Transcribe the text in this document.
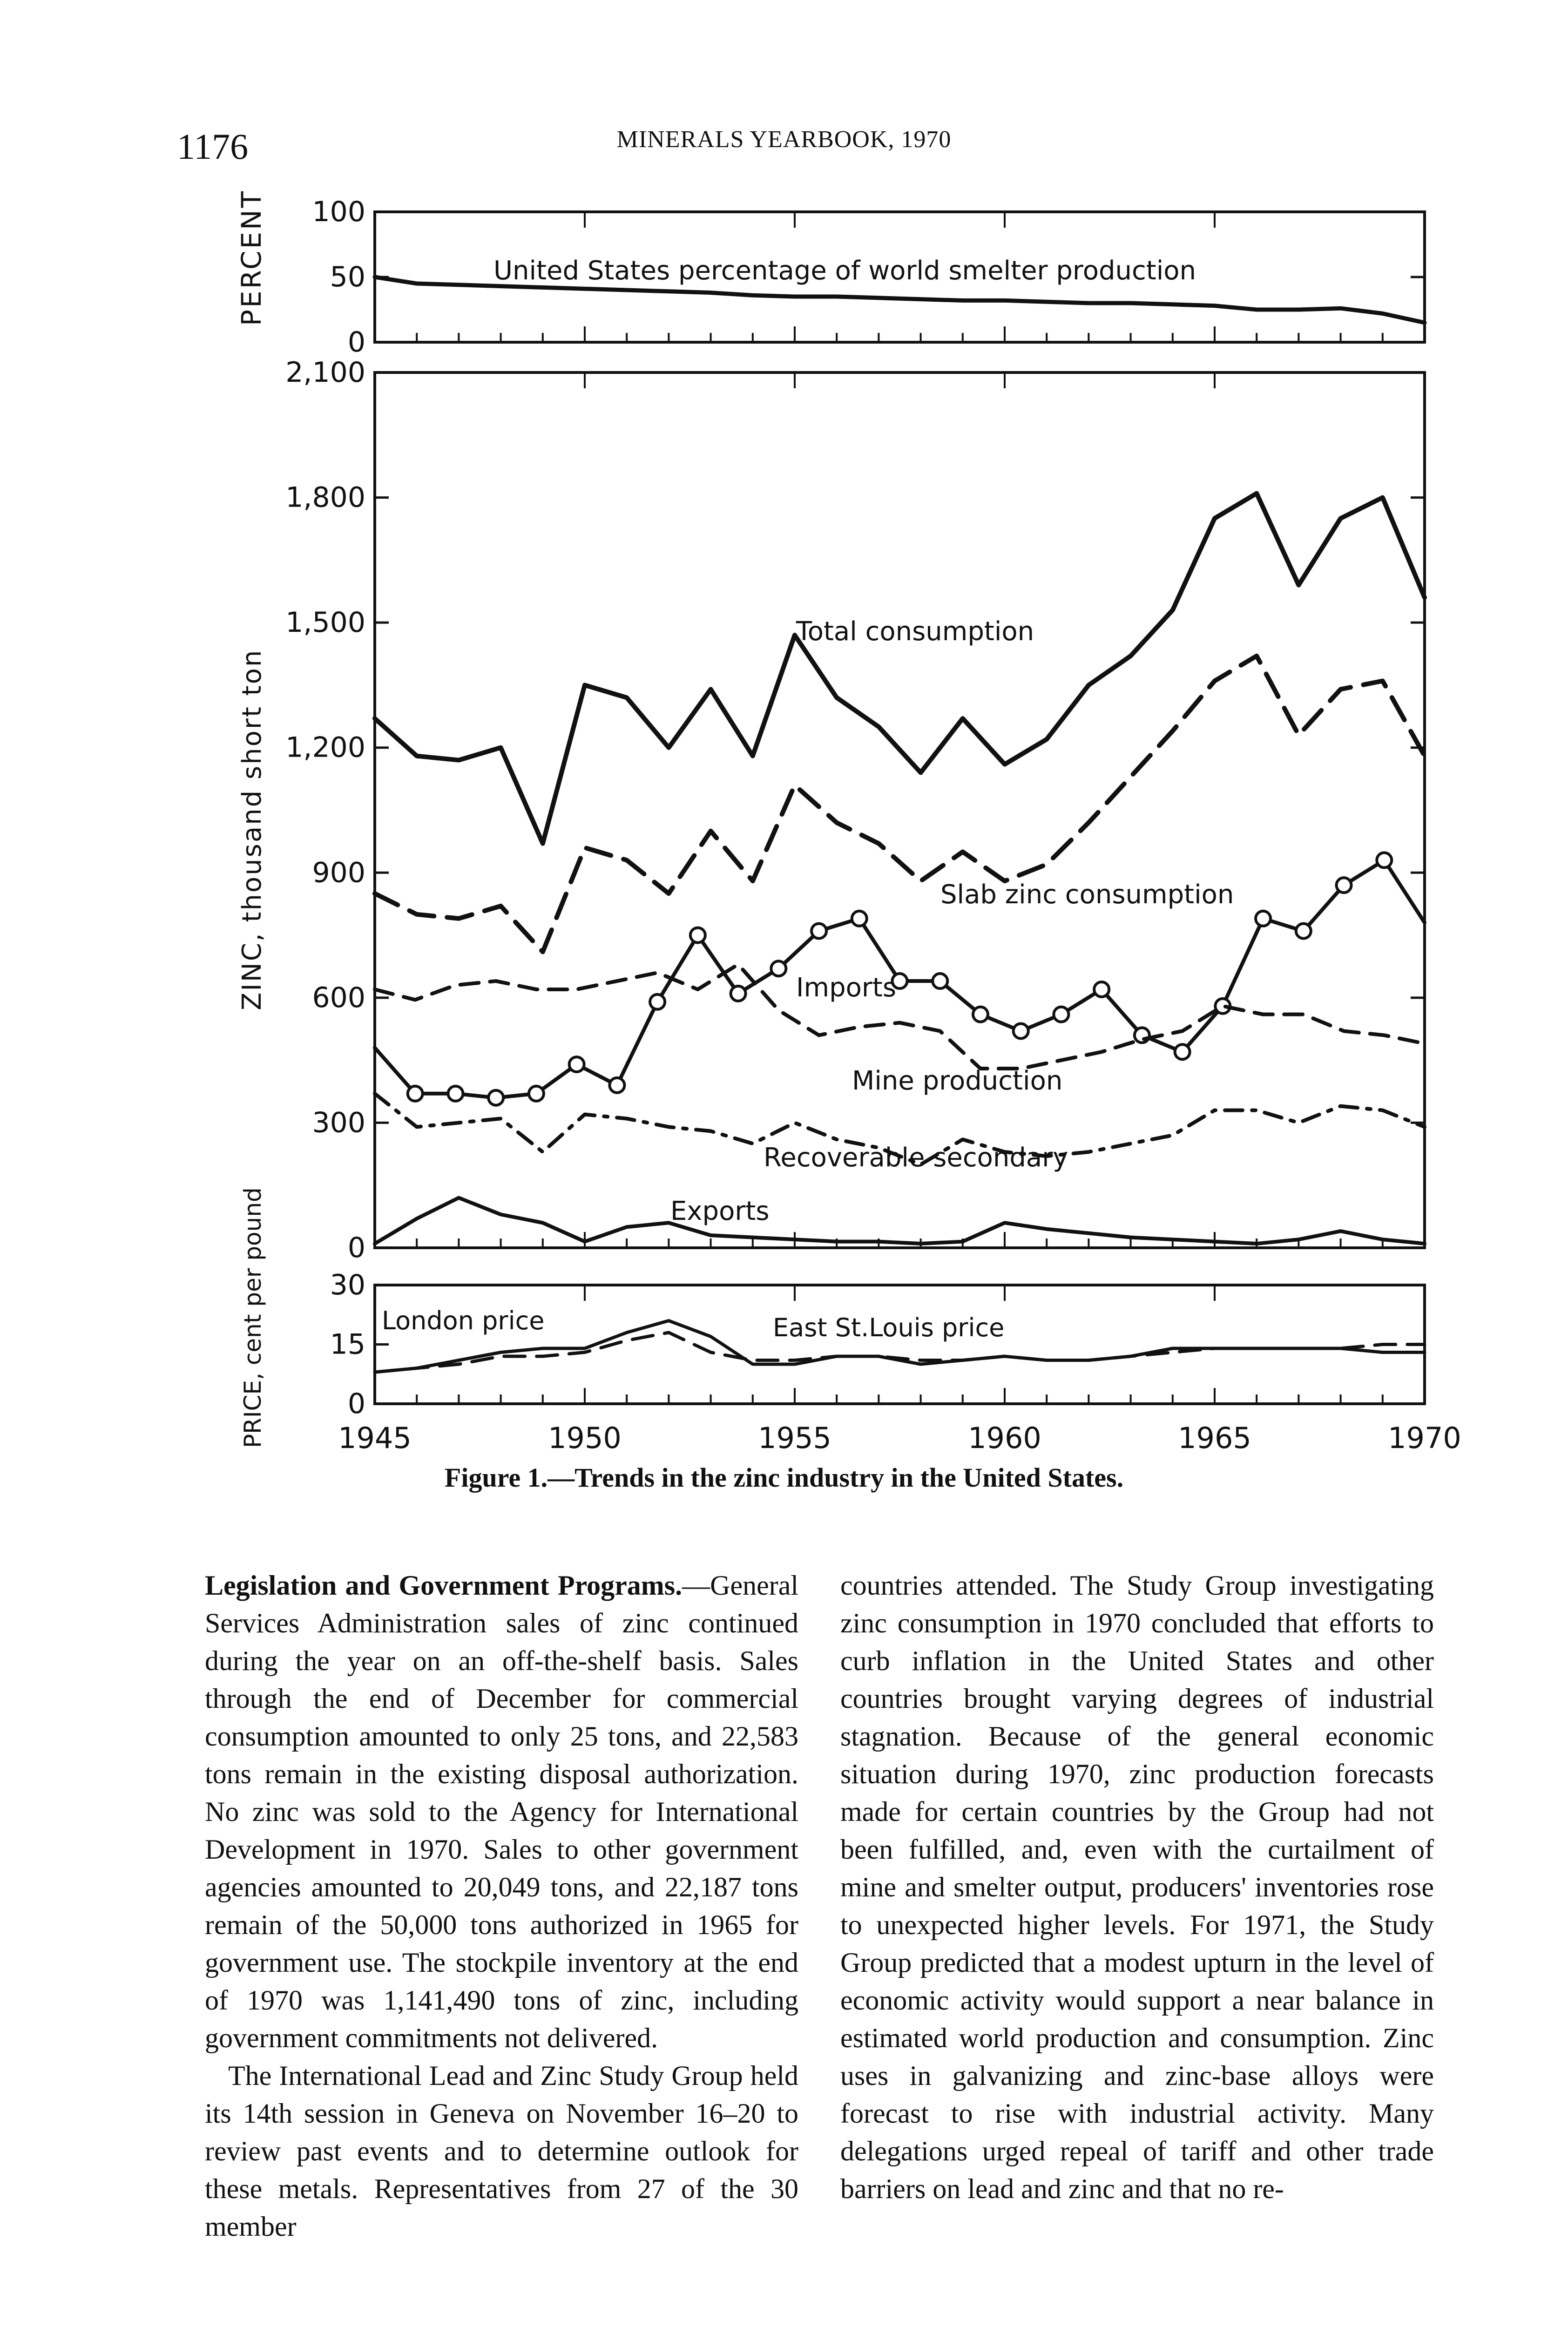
1176	MINERALS YEARBOOK, 1970
PERCENT
ZINC, thousand short ton
PRICE, cent per pound
100
50
0
2,100
1,800
1,500
1,200
900
600
300
0
30
15
0
1945	1950	1955	1960	1965	1970
United States percentage of world smelter production
Total consumption
Slab zinc consumption
Imports
Mine production
Recoverable secondary
Exports
London price	East St.Louis price
Figure 1.—Trends in the zinc industry in the United States.

Legislation and Government Programs.—General Services Administration sales of zinc continued during the year on an off-the-shelf basis. Sales through the end of December for commercial consumption amounted to only 25 tons, and 22,583 tons remain in the existing disposal authorization. No zinc was sold to the Agency for International Development in 1970. Sales to other government agencies amounted to 20,049 tons, and 22,187 tons remain of the 50,000 tons authorized in 1965 for government use. The stockpile inventory at the end of 1970 was 1,141,490 tons of zinc, including government commitments not delivered.

The International Lead and Zinc Study Group held its 14th session in Geneva on November 16–20 to review past events and to determine outlook for these metals. Representatives from 27 of the 30 member

countries attended. The Study Group investigating zinc consumption in 1970 concluded that efforts to curb inflation in the United States and other countries brought varying degrees of industrial stagnation. Because of the general economic situation during 1970, zinc production forecasts made for certain countries by the Group had not been fulfilled, and, even with the curtailment of mine and smelter output, producers' inventories rose to unexpected higher levels. For 1971, the Study Group predicted that a modest upturn in the level of economic activity would support a near balance in estimated world production and consumption. Zinc uses in galvanizing and zinc-base alloys were forecast to rise with industrial activity. Many delegations urged repeal of tariff and other trade barriers on lead and zinc and that no re-
